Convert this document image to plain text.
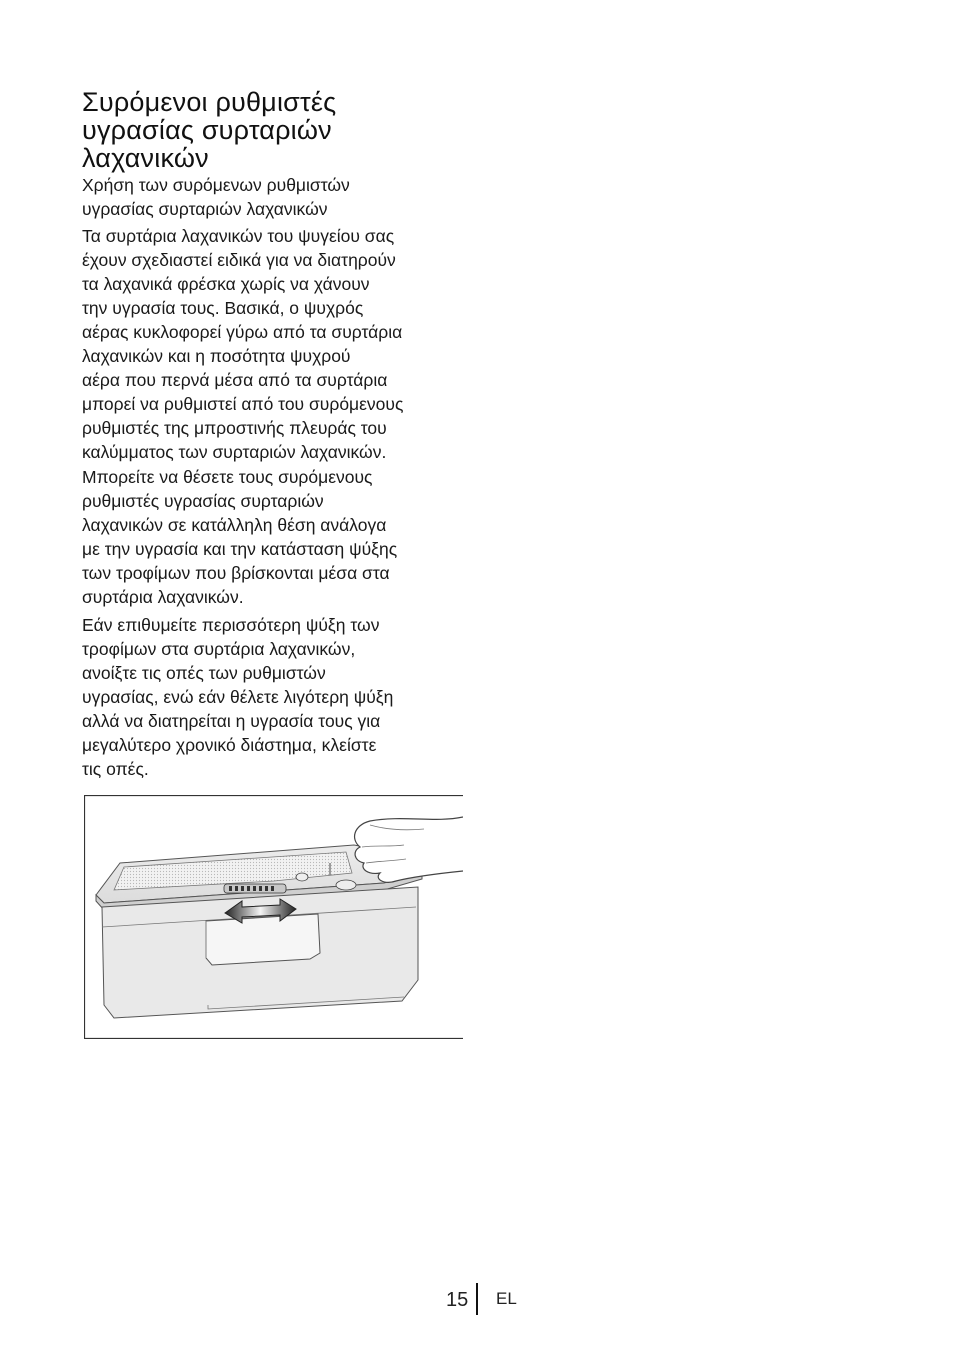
Συρόμενοι ρυθμιστές
υγρασίας συρταριών
λαχανικών
Χρήση των συρόμενων ρυθμιστών
υγρασίας συρταριών λαχανικών
Τα συρτάρια λαχανικών του ψυγείου σας
έχουν σχεδιαστεί ειδικά για να διατηρούν
τα λαχανικά φρέσκα χωρίς να χάνουν
την υγρασία τους. Βασικά, ο ψυχρός
αέρας κυκλοφορεί γύρω από τα συρτάρια
λαχανικών και η ποσότητα ψυχρού
αέρα που περνά μέσα από τα συρτάρια
μπορεί να ρυθμιστεί από του συρόμενους
ρυθμιστές της μπροστινής πλευράς του
καλύμματος των συρταριών λαχανικών.
Μπορείτε να θέσετε τους συρόμενους
ρυθμιστές υγρασίας συρταριών
λαχανικών σε κατάλληλη θέση ανάλογα
με την υγρασία και την κατάσταση ψύξης
των τροφίμων που βρίσκονται μέσα στα
συρτάρια λαχανικών.
Εάν επιθυμείτε περισσότερη ψύξη των
τροφίμων στα συρτάρια λαχανικών,
ανοίξτε τις οπές των ρυθμιστών
υγρασίας, ενώ εάν θέλετε λιγότερη ψύξη
αλλά να διατηρείται η υγρασία τους για
μεγαλύτερο χρονικό διάστημα, κλείστε
τις οπές.
15 EL
